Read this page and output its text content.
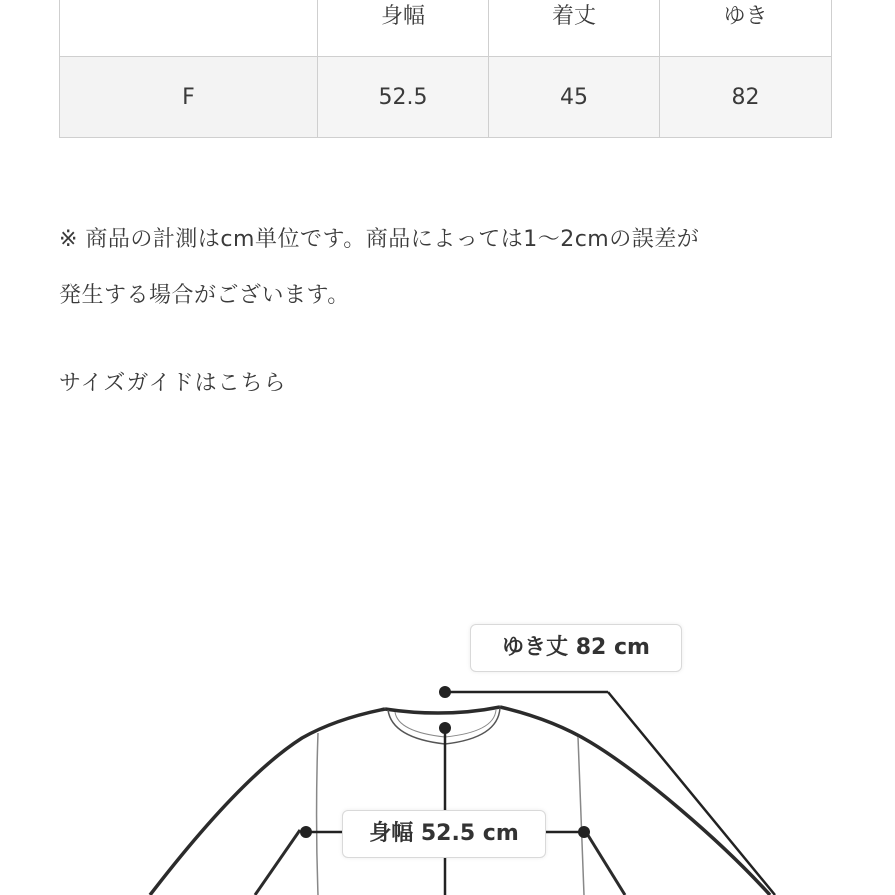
	身幅	着丈	ゆき
F	52.5	45	82
※ 商品の計測はcm単位です。商品によっては1〜2cmの誤差が
発生する場合がございます。
サイズガイドはこちら
ゆき丈 82 cm
身幅 52.5 cm
